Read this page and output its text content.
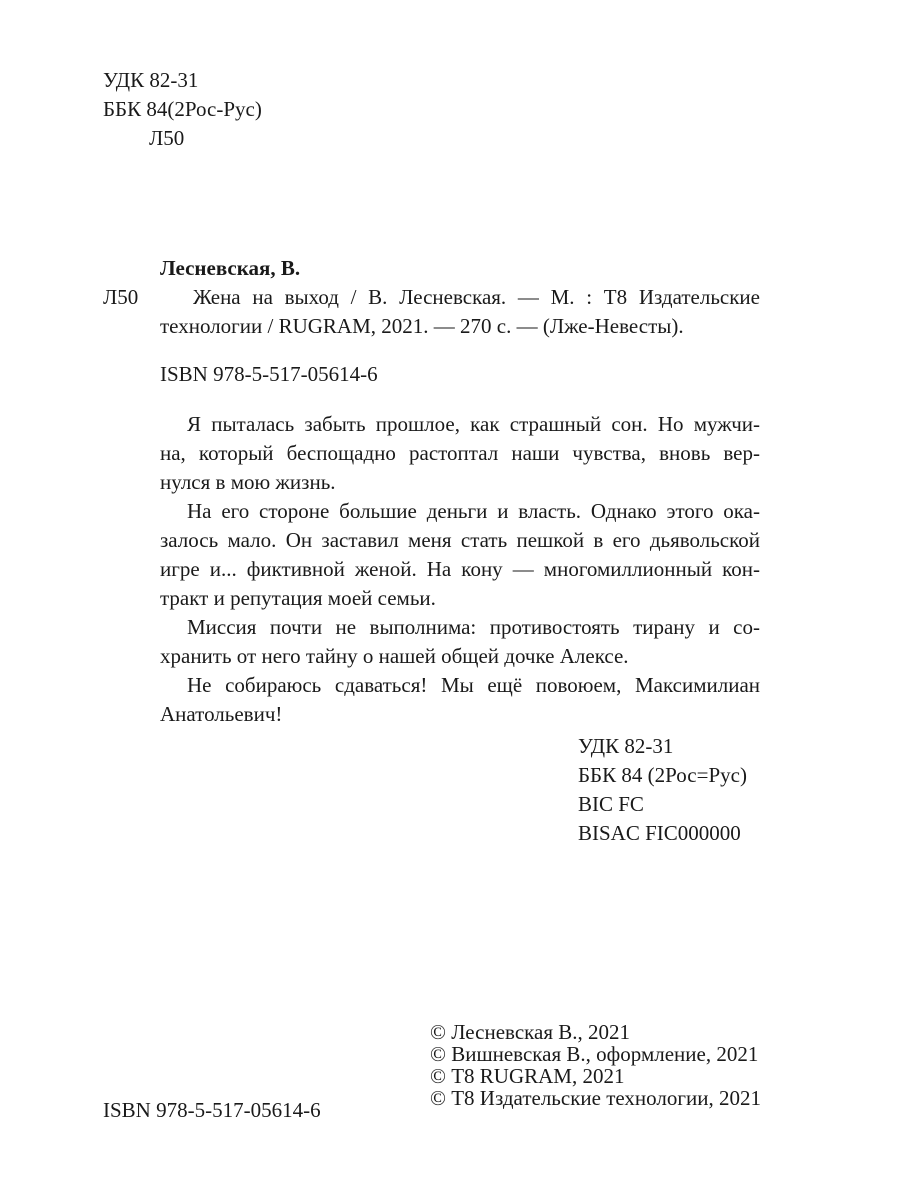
УДК 82-31
ББК 84(2Рос-Рус)
Л50
Лесневская, В.
Л50	Жена на выход / В. Лесневская. — М. : Т8 Издательские
технологии / RUGRAM, 2021. — 270 с. — (Лже-Невесты).
ISBN 978-5-517-05614-6

Я пыталась забыть прошлое, как страшный сон. Но мужчи-
на, который беспощадно растоптал наши чувства, вновь вер-
нулся в мою жизнь.

На его стороне большие деньги и власть. Однако этого ока-
залось мало. Он заставил меня стать пешкой в его дьявольской
игре и... фиктивной женой. На кону — многомиллионный кон-
тракт и репутация моей семьи.

Миссия почти не выполнима: противостоять тирану и со-
хранить от него тайну о нашей общей дочке Алексе.

Не собираюсь сдаваться! Мы ещё повоюем, Максимилиан
Анатольевич!

УДК 82-31
ББК 84 (2Рос=Рус)
BIC FC
BISAC FIC000000
© Лесневская В., 2021
© Вишневская В., оформление, 2021
© Т8 RUGRAM, 2021
© Т8 Издательские технологии, 2021
ISBN 978-5-517-05614-6
